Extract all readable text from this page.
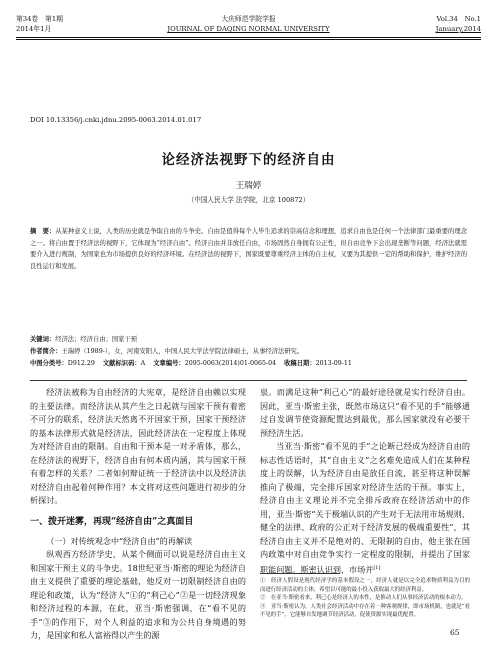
第34卷　第1期	大庆师范学院学报	Vol.34　No.1
2014年1月	JOURNAL OF DAQING NORMAL UNIVERSITY	January,2014
DOI 10.13356/j.cnki.jdnu.2095-0063.2014.01.017
论经济法视野下的经济自由
王瑞婷
（中国人民大学 法学院，北京 100872）
摘　要：从某种意义上说，人类的历史就是争取自由的斗争史。自由是值得每个人毕生追求的崇高信念和理想，追求自由也是任何一个法律部门最重要的理念之一。将自由置于经济法的视野下，它体现为“经济自由”。经济自由并非放任自由，市场固然自身拥有公正性，但自由竞争下会出现垄断等问题，经济法就需要介入进行规制，为国家也为市场提供良好的经济环境。在经济法的视野下，国家既要尊重经济主体的自主权，又要为其提供一定的帮助和保护，维护经济的良性运行和发展。
关键词：经济法；经济自由；国家干预
作者简介：王瑞婷（1989-），女，河南安阳人，中国人民大学法学院法律硕士，从事经济法研究。
中图分类号：D912.29 文献标识码：A 文章编号：2095-0063(2014)01-0065-04 收稿日期：2013-09-11

经济法被称为自由经济的大宪章，是经济自由赖以实现的主要法律。而经济法从其产生之日起就与国家干预有着密不可分的联系，经济法天然离不开国家干预，国家干预经济的基本法律形式就是经济法，因此经济法在一定程度上体现为对经济自由的限制。自由和干预本是一对矛盾体，那么，在经济法的视野下，经济自由有何本质内涵，其与国家干预有着怎样的关系？二者如何辩证统一于经济法中以及经济法对经济自由起着何种作用？本文将对这些问题进行初步的分析探讨。

一、拨开迷雾，再现“经济自由”之真面目

（一）对传统观念中“经济自由”的再解读

纵观西方经济学史，从某个侧面可以说是经济自由主义和国家干预主义的斗争史。18世纪亚当·斯密的理论为经济自由主义提供了重要的理论基础，他反对一切限制经济自由的理论和政策，认为“经济人”①的“利己心”②是一切经济现象和经济过程的本源，在此，亚当·斯密强调，在“看不见的手”③的作用下，对个人利益的追求和为公共自身境遇的努力，是国家和私人富裕得以产生的源

泉。而满足这种“利己心”的最好途径就是实行经济自由。因此，亚当·斯密主张，既然市场这只“看不见的手”能够通过自发调节使资源配置达到最优，那么国家就没有必要干预经济生活。

当亚当·斯密“看不见的手”之论断已经成为经济自由的标志性话语时，其“自由主义”之名难免造成人们在某种程度上的误解，认为经济自由是放任自流，甚至将这种误解推向了极端，完全排斥国家对经济生活的干预。事实上，经济自由主义理论并不完全排斥政府在经济活动中的作用，亚当·斯密“关于极端认识的产生对于无法用市场规则、健全的法律、政府的公正对于经济发展的极端重要性”，其经济自由主义并不是绝对的、无限制的自由，他主张在国内政策中对自由竞争实行一定程度的限制，并提出了国家职能问题。斯密认识到，市场并[1]

①　经济人假设是现代经济学的基本假设之一，经济人就是以完全追求物质利益为目的而进行经济活动的主体，希望以可能的最小投入获取最大的经济利益。

②　在亚当·斯密看来，利己心是经济人的本性，是推动人们从事经济活动的根本动力。

③　亚当·斯密认为，人类社会经济活动中存在着一种客观规律，即市场机制，也就是“看不见的手”。它能够自发地调节经济活动，促使资源实现最优配置。

65
